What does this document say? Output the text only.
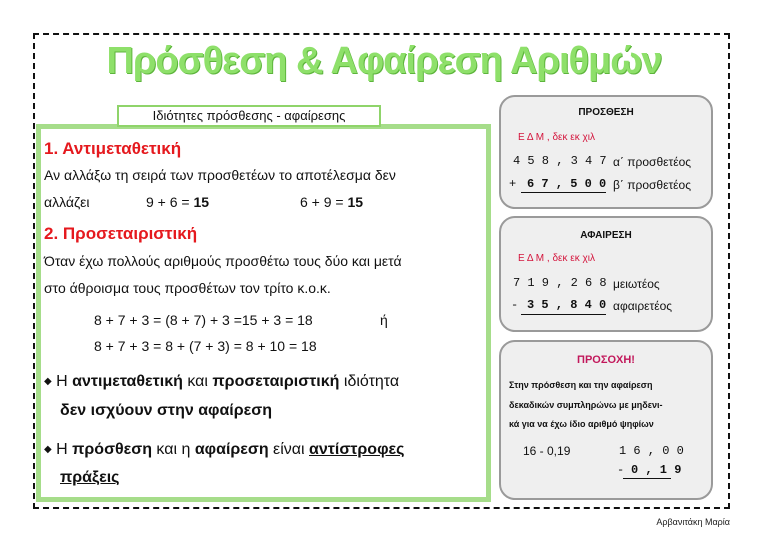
Πρόσθεση & Αφαίρεση Αριθμών
Ιδιότητες πρόσθεσης - αφαίρεσης
1. Αντιμεταθετική
Αν αλλάξω τη σειρά των προσθετέων το αποτέλεσμα δεν
αλλάζει	9 + 6 = 15	6 + 9 = 15
2. Προσεταιριστική
Όταν έχω πολλούς αριθμούς προσθέτω τους δύο και μετά
στο άθροισμα τους προσθέτων τον τρίτο κ.ο.κ.
8 + 7 + 3 = (8 + 7) + 3 =15 + 3 = 18	ή
8 + 7 + 3 = 8 + (7 + 3) = 8 + 10 = 18
◆ Η αντιμεταθετική και προσεταιριστική ιδιότητα
δεν ισχύουν στην αφαίρεση
◆ Η πρόσθεση και η αφαίρεση είναι αντίστροφες
πράξεις
ΠΡΟΣΘΕΣΗ
Ε Δ Μ , δεκ εκ χιλ
4 5 8 , 3 4 7 α΄ προσθετέος
+ 6 7 , 5 0 0 β΄ προσθετέος
ΑΦΑΙΡΕΣΗ
Ε Δ Μ , δεκ εκ χιλ
7 1 9 , 2 6 8 μειωτέος
- 3 5 , 8 4 0 αφαιρετέος
ΠΡΟΣΟΧΗ!
Στην πρόσθεση και την αφαίρεση
δεκαδικών συμπληρώνω με μηδενι-
κά για να έχω ίδιο αριθμό ψηφίων
16 - 0,19	1 6 , 0 0
- 0 , 1 9
Αρβανιτάκη Μαρία
